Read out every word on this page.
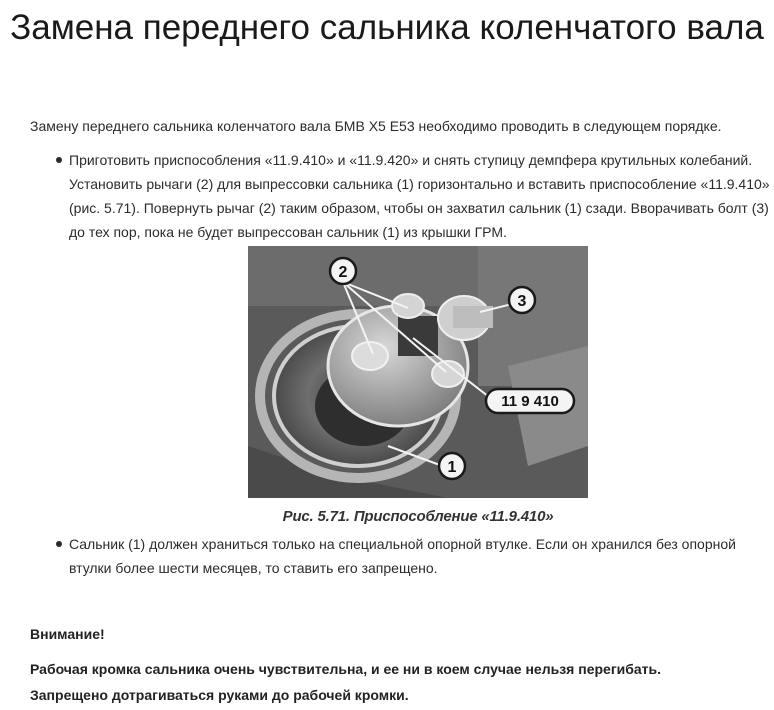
Замена переднего сальника коленчатого вала

Замену переднего сальника коленчатого вала БМВ X5 E53 необходимо проводить в следующем порядке.

Приготовить приспособления «11.9.410» и «11.9.420» и снять ступицу демпфера крутильных колебаний. Установить рычаги (2) для выпрессовки сальника (1) горизонтально и вставить приспособление «11.9.410» (рис. 5.71). Повернуть рычаг (2) таким образом, чтобы он захватил сальник (1) сзади. Вворачивать болт (3) до тех пор, пока не будет выпрессован сальник (1) из крышки ГРМ.
2
3
11 9 410
1
Рис. 5.71. Приспособление «11.9.410»
Сальник (1) должен храниться только на специальной опорной втулке. Если он хранился без опорной втулки более шести месяцев, то ставить его запрещено.

Внимание!

Рабочая кромка сальника очень чувствительна, и ее ни в коем случае нельзя перегибать.
Запрещено дотрагиваться руками до рабочей кромки.
